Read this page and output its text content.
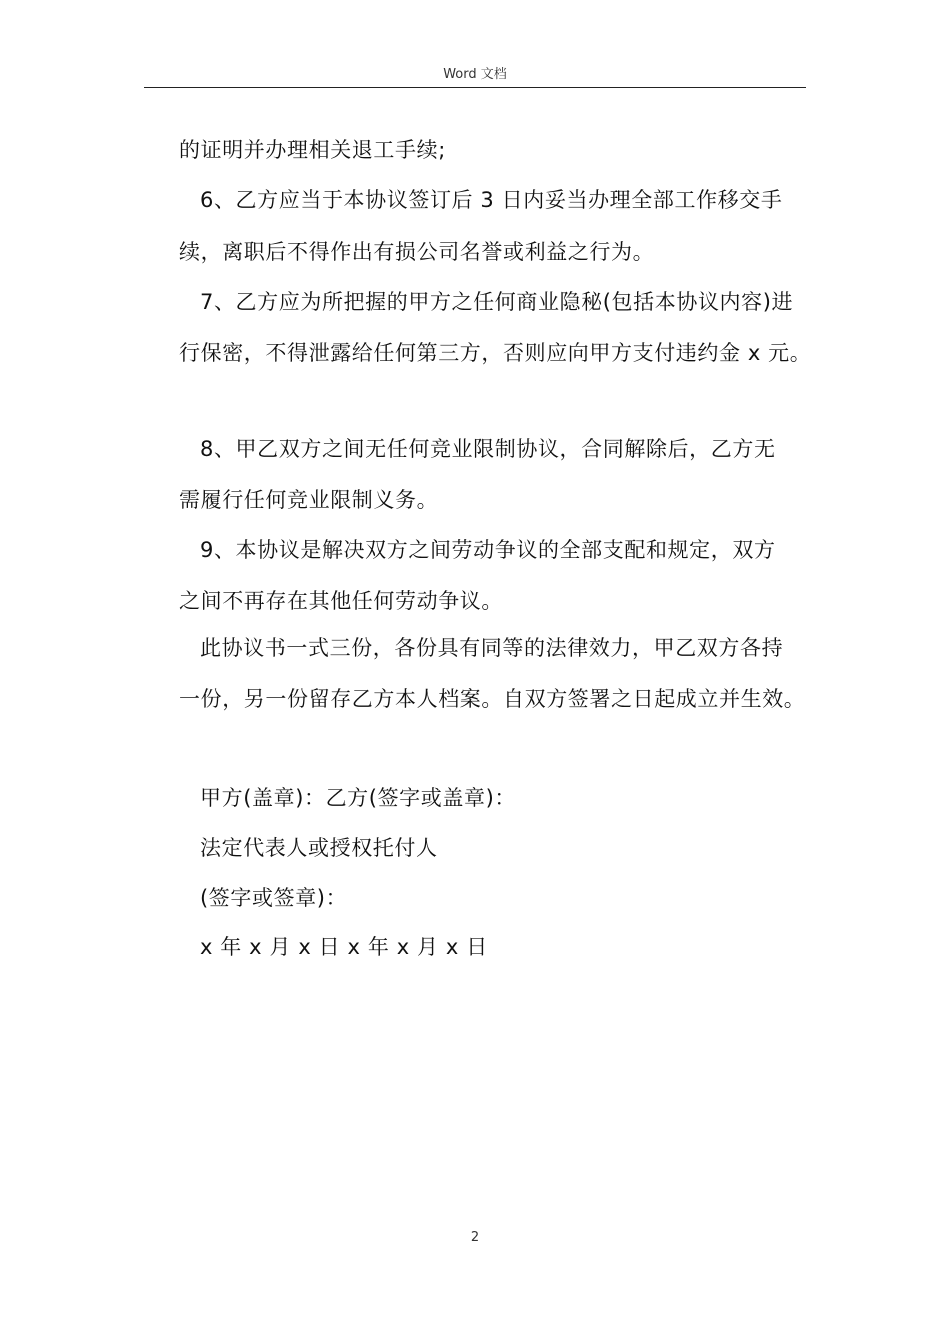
Word 文档
的证明并办理相关退工手续;
6、乙方应当于本协议签订后 3 日内妥当办理全部工作移交手
续，离职后不得作出有损公司名誉或利益之行为。
7、乙方应为所把握的甲方之任何商业隐秘(包括本协议内容)进
行保密，不得泄露给任何第三方，否则应向甲方支付违约金 x 元。
8、甲乙双方之间无任何竞业限制协议，合同解除后，乙方无
需履行任何竞业限制义务。
9、本协议是解决双方之间劳动争议的全部支配和规定，双方
之间不再存在其他任何劳动争议。
此协议书一式三份，各份具有同等的法律效力，甲乙双方各持
一份，另一份留存乙方本人档案。自双方签署之日起成立并生效。
甲方(盖章)：乙方(签字或盖章)：
法定代表人或授权托付人
(签字或签章)：
x 年 x 月 x 日 x 年 x 月 x 日
2
